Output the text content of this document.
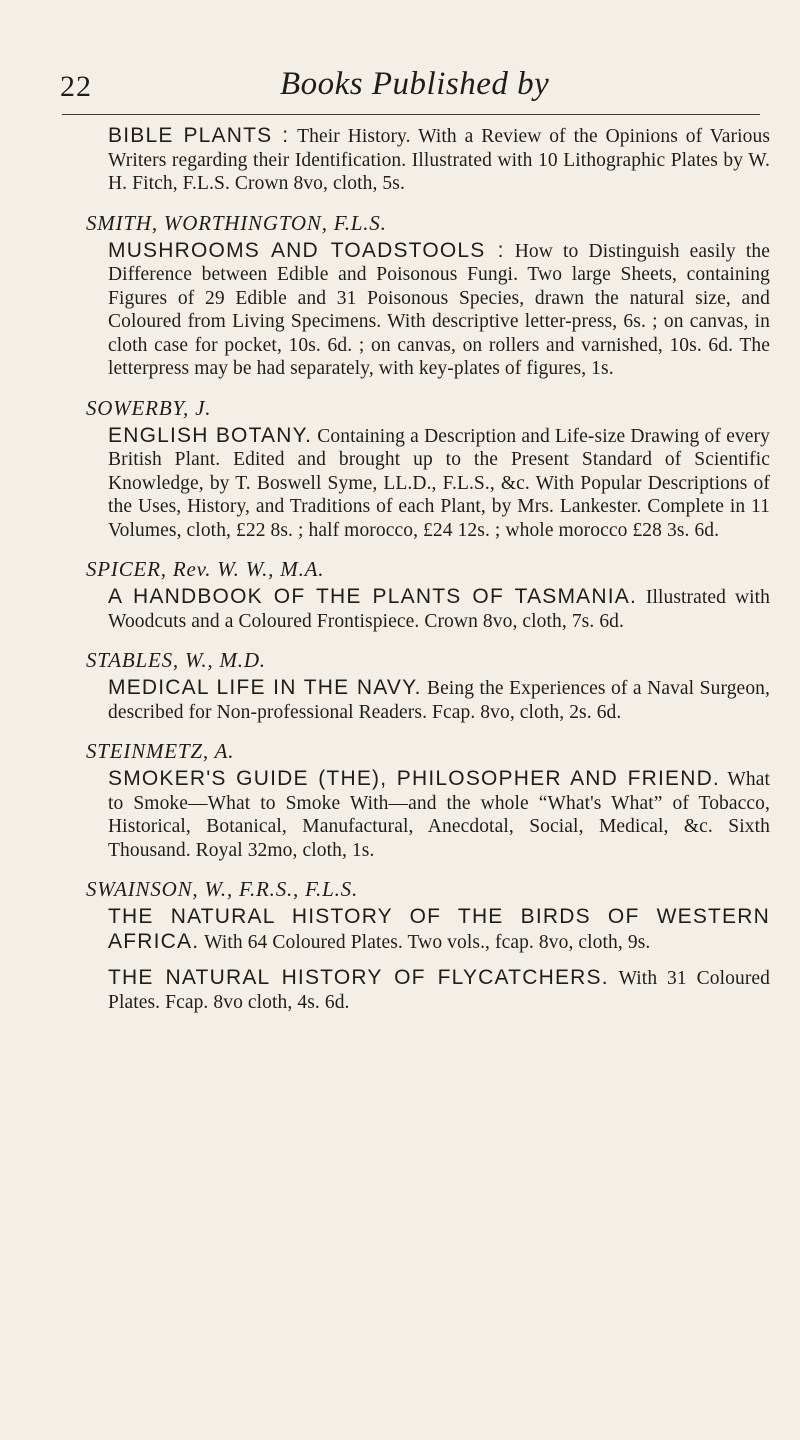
22	Books Published by
BIBLE PLANTS : Their History. With a Review of the Opinions of Various Writers regarding their Identification. Illustrated with 10 Lithographic Plates by W. H. Fitch, F.L.S. Crown 8vo, cloth, 5s.
SMITH, WORTHINGTON, F.L.S.
MUSHROOMS AND TOADSTOOLS : How to Distinguish easily the Difference between Edible and Poisonous Fungi. Two large Sheets, containing Figures of 29 Edible and 31 Poisonous Species, drawn the natural size, and Coloured from Living Specimens. With descriptive letter-press, 6s. ; on canvas, in cloth case for pocket, 10s. 6d. ; on canvas, on rollers and varnished, 10s. 6d. The letterpress may be had separately, with key-plates of figures, 1s.
SOWERBY, J.
ENGLISH BOTANY. Containing a Description and Life-size Drawing of every British Plant. Edited and brought up to the Present Standard of Scientific Knowledge, by T. Boswell Syme, LL.D., F.L.S., &c. With Popular Descriptions of the Uses, History, and Traditions of each Plant, by Mrs. Lankester. Complete in 11 Volumes, cloth, £22 8s. ; half morocco, £24 12s. ; whole morocco £28 3s. 6d.
SPICER, Rev. W. W., M.A.
A HANDBOOK OF THE PLANTS OF TASMANIA. Illustrated with Woodcuts and a Coloured Frontispiece. Crown 8vo, cloth, 7s. 6d.
STABLES, W., M.D.
MEDICAL LIFE IN THE NAVY. Being the Experiences of a Naval Surgeon, described for Non-professional Readers. Fcap. 8vo, cloth, 2s. 6d.
STEINMETZ, A.
SMOKER'S GUIDE (THE), PHILOSOPHER AND FRIEND. What to Smoke—What to Smoke With—and the whole “What's What” of Tobacco, Historical, Botanical, Manufactural, Anecdotal, Social, Medical, &c. Sixth Thousand. Royal 32mo, cloth, 1s.
SWAINSON, W., F.R.S., F.L.S.
THE NATURAL HISTORY OF THE BIRDS OF WESTERN AFRICA. With 64 Coloured Plates. Two vols., fcap. 8vo, cloth, 9s.
THE NATURAL HISTORY OF FLYCATCHERS. With 31 Coloured Plates. Fcap. 8vo cloth, 4s. 6d.
